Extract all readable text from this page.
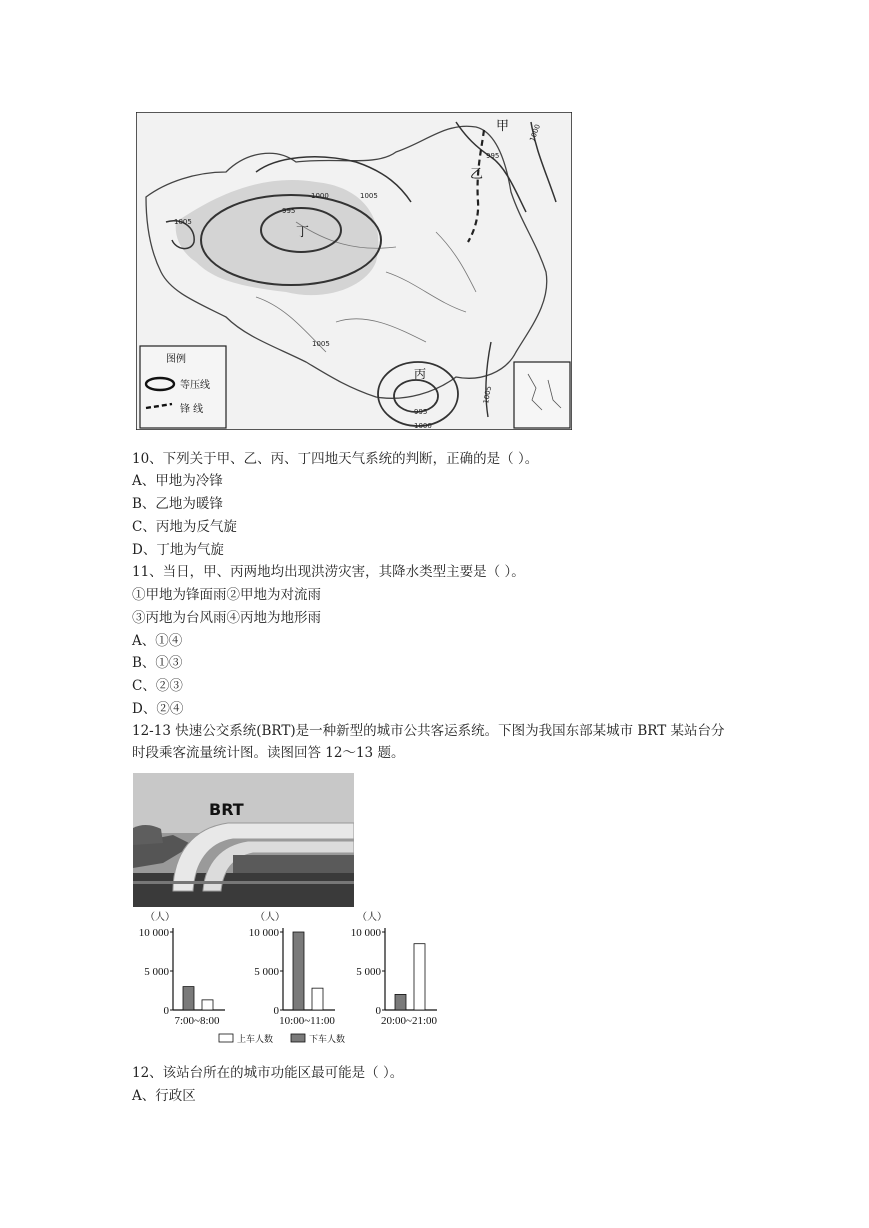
甲
乙
丁
丙
995
1000
1000	1005
995
1005
1005
995
1000
1005
图例
等压线
锋 线
10、下列关于甲、乙、丙、丁四地天气系统的判断，正确的是（ ）。
A、甲地为冷锋
B、乙地为暖锋
C、丙地为反气旋
D、丁地为气旋
11、当日，甲、丙两地均出现洪涝灾害，其降水类型主要是（ ）。
①甲地为锋面雨②甲地为对流雨
③丙地为台风雨④丙地为地形雨
A、①④
B、①③
C、②③
D、②④
12-13 快速公交系统(BRT)是一种新型的城市公共客运系统。下图为我国东部某城市 BRT 某站台分时段乘客流量统计图。读图回答 12～13 题。
BRT
（人）
10 000
5 000
0
7:00~8:00
（人）
10 000
5 000
0
10:00~11:00
（人）
10 000
5 000
0
20:00~21:00
上车人数	下车人数
12、该站台所在的城市功能区最可能是（ ）。
A、行政区
